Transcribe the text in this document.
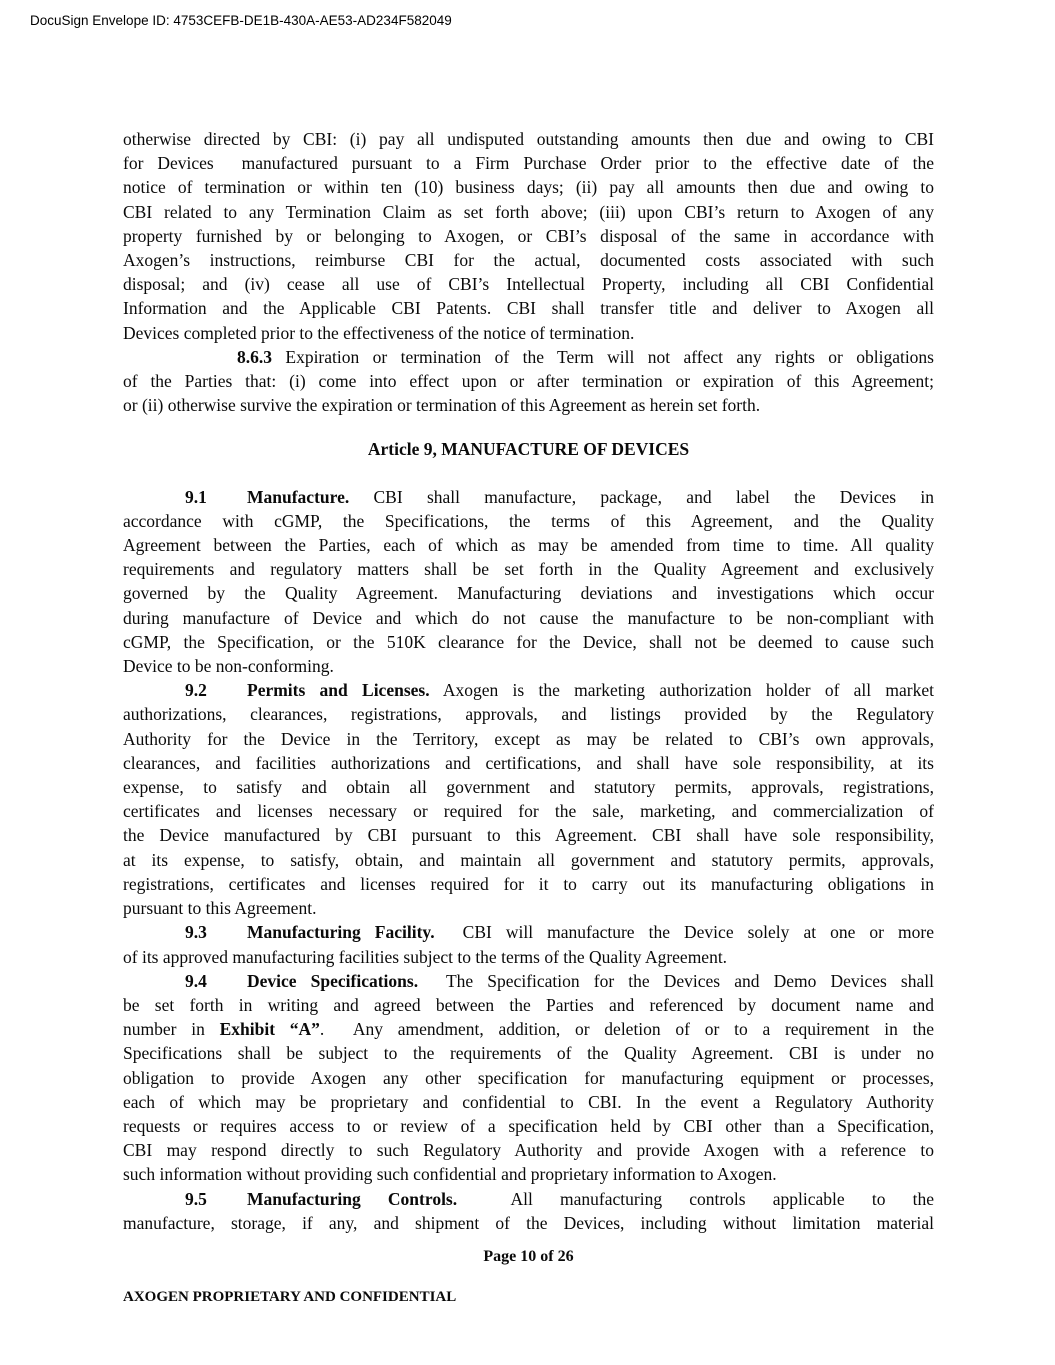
DocuSign Envelope ID: 4753CEFB-DE1B-430A-AE53-AD234F582049
otherwise directed by CBI: (i) pay all undisputed outstanding amounts then due and owing to CBI
for Devices  manufactured pursuant to a Firm Purchase Order prior to the effective date of the
notice of termination or within ten (10) business days; (ii) pay all amounts then due and owing to
CBI related to any Termination Claim as set forth above; (iii) upon CBI’s return to Axogen of any
property furnished by or belonging to Axogen, or CBI’s disposal of the same in accordance with
Axogen’s instructions, reimburse CBI for the actual, documented costs associated with such
disposal; and (iv) cease all use of CBI’s Intellectual Property, including all CBI Confidential
Information and the Applicable CBI Patents. CBI shall transfer title and deliver to Axogen all
Devices completed prior to the effectiveness of the notice of termination.
8.6.3 Expiration or termination of the Term will not affect any rights or obligations
of the Parties that: (i) come into effect upon or after termination or expiration of this Agreement;
or (ii) otherwise survive the expiration or termination of this Agreement as herein set forth.
Article 9, MANUFACTURE OF DEVICES
9.1 Manufacture. CBI shall manufacture, package, and label the Devices in
accordance with cGMP, the Specifications, the terms of this Agreement, and the Quality
Agreement between the Parties, each of which as may be amended from time to time. All quality
requirements and regulatory matters shall be set forth in the Quality Agreement and exclusively
governed by the Quality Agreement. Manufacturing deviations and investigations which occur
during manufacture of Device and which do not cause the manufacture to be non-compliant with
cGMP, the Specification, or the 510K clearance for the Device, shall not be deemed to cause such
Device to be non-conforming.
9.2 Permits and Licenses. Axogen is the marketing authorization holder of all market
authorizations, clearances, registrations, approvals, and listings provided by the Regulatory
Authority for the Device in the Territory, except as may be related to CBI’s own approvals,
clearances, and facilities authorizations and certifications, and shall have sole responsibility, at its
expense, to satisfy and obtain all government and statutory permits, approvals, registrations,
certificates and licenses necessary or required for the sale, marketing, and commercialization of
the Device manufactured by CBI pursuant to this Agreement. CBI shall have sole responsibility,
at its expense, to satisfy, obtain, and maintain all government and statutory permits, approvals,
registrations, certificates and licenses required for it to carry out its manufacturing obligations in
pursuant to this Agreement.
9.3 Manufacturing Facility.  CBI will manufacture the Device solely at one or more
of its approved manufacturing facilities subject to the terms of the Quality Agreement.
9.4 Device Specifications.  The Specification for the Devices and Demo Devices shall
be set forth in writing and agreed between the Parties and referenced by document name and
number in Exhibit “A”.  Any amendment, addition, or deletion of or to a requirement in the
Specifications shall be subject to the requirements of the Quality Agreement. CBI is under no
obligation to provide Axogen any other specification for manufacturing equipment or processes,
each of which may be proprietary and confidential to CBI. In the event a Regulatory Authority
requests or requires access to or review of a specification held by CBI other than a Specification,
CBI may respond directly to such Regulatory Authority and provide Axogen with a reference to
such information without providing such confidential and proprietary information to Axogen.
9.5 Manufacturing Controls.  All manufacturing controls applicable to the
manufacture, storage, if any, and shipment of the Devices, including without limitation material
Page 10 of 26
AXOGEN PROPRIETARY AND CONFIDENTIAL
